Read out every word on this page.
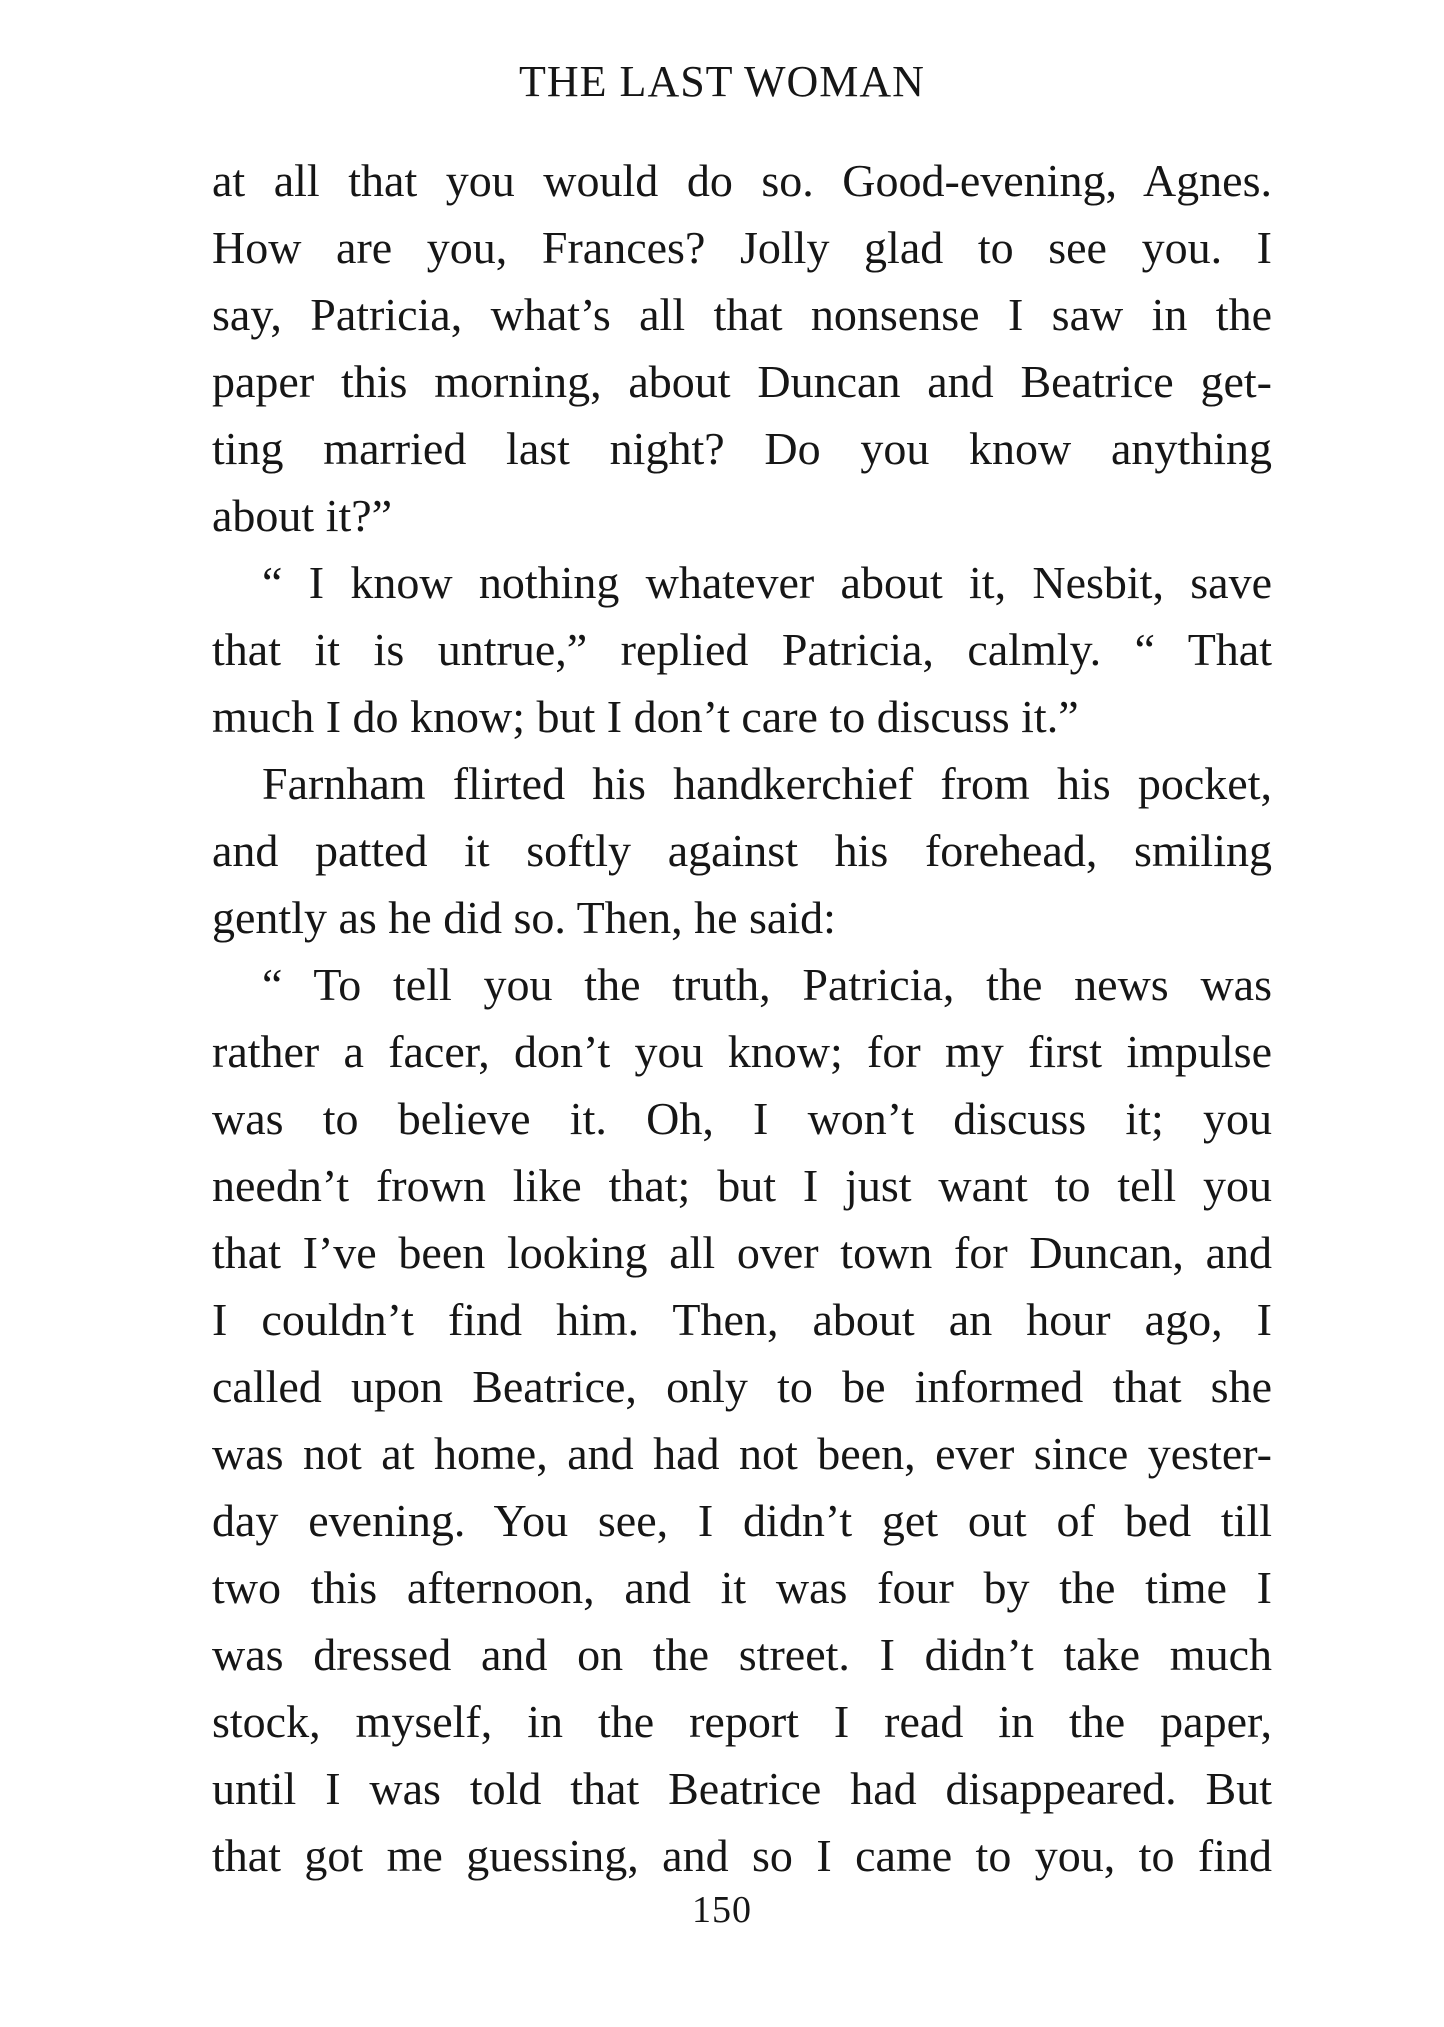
THE LAST WOMAN
at all that you would do so. Good-evening, Agnes.
How are you, Frances? Jolly glad to see you. I
say, Patricia, what’s all that nonsense I saw in the
paper this morning, about Duncan and Beatrice get-
ting married last night? Do you know anything
about it?”
“ I know nothing whatever about it, Nesbit, save
that it is untrue,” replied Patricia, calmly. “ That
much I do know; but I don’t care to discuss it.”
Farnham flirted his handkerchief from his pocket,
and patted it softly against his forehead, smiling
gently as he did so. Then, he said:
“ To tell you the truth, Patricia, the news was
rather a facer, don’t you know; for my first impulse
was to believe it. Oh, I won’t discuss it; you
needn’t frown like that; but I just want to tell you
that I’ve been looking all over town for Duncan, and
I couldn’t find him. Then, about an hour ago, I
called upon Beatrice, only to be informed that she
was not at home, and had not been, ever since yester-
day evening. You see, I didn’t get out of bed till
two this afternoon, and it was four by the time I
was dressed and on the street. I didn’t take much
stock, myself, in the report I read in the paper,
until I was told that Beatrice had disappeared. But
that got me guessing, and so I came to you, to find
150
